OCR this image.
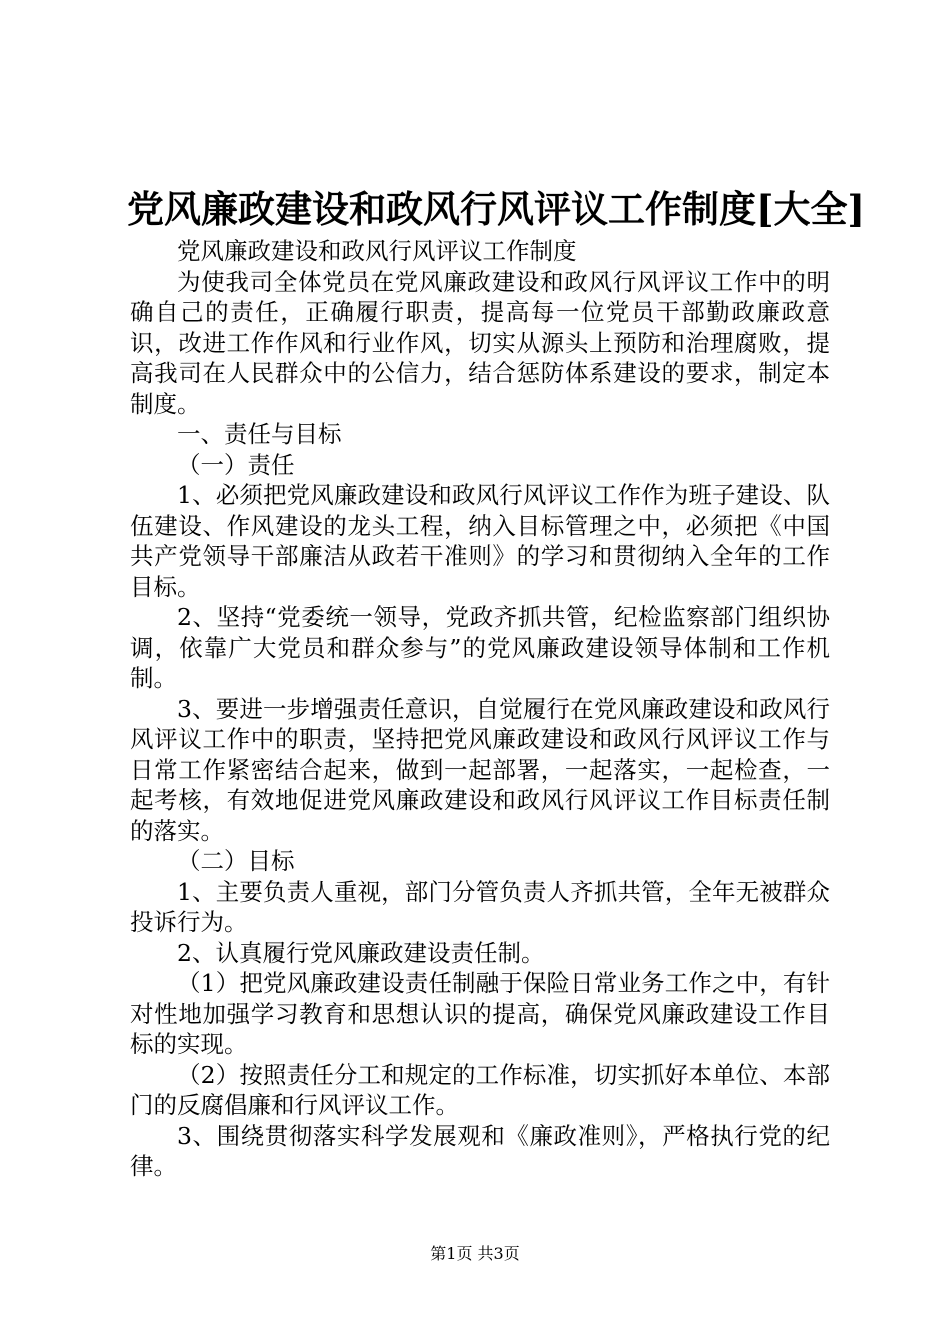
党风廉政建设和政风行风评议工作制度[大全]

党风廉政建设和政风行风评议工作制度

为使我司全体党员在党风廉政建设和政风行风评议工作中的明确自己的责任，正确履行职责，提高每一位党员干部勤政廉政意识，改进工作作风和行业作风，切实从源头上预防和治理腐败，提高我司在人民群众中的公信力，结合惩防体系建设的要求，制定本制度。

一、责任与目标

（一）责任

1、必须把党风廉政建设和政风行风评议工作作为班子建设、队伍建设、作风建设的龙头工程，纳入目标管理之中，必须把《中国共产党领导干部廉洁从政若干准则》的学习和贯彻纳入全年的工作目标。

2、坚持“党委统一领导，党政齐抓共管，纪检监察部门组织协调，依靠广大党员和群众参与”的党风廉政建设领导体制和工作机制。

3、要进一步增强责任意识，自觉履行在党风廉政建设和政风行风评议工作中的职责，坚持把党风廉政建设和政风行风评议工作与日常工作紧密结合起来，做到一起部署，一起落实，一起检查，一起考核，有效地促进党风廉政建设和政风行风评议工作目标责任制的落实。

（二）目标

1、主要负责人重视，部门分管负责人齐抓共管，全年无被群众投诉行为。

2、认真履行党风廉政建设责任制。

（1）把党风廉政建设责任制融于保险日常业务工作之中，有针对性地加强学习教育和思想认识的提高，确保党风廉政建设工作目标的实现。

（2）按照责任分工和规定的工作标准，切实抓好本单位、本部门的反腐倡廉和行风评议工作。

3、围绕贯彻落实科学发展观和《廉政准则》，严格执行党的纪律。

第1页 共3页
